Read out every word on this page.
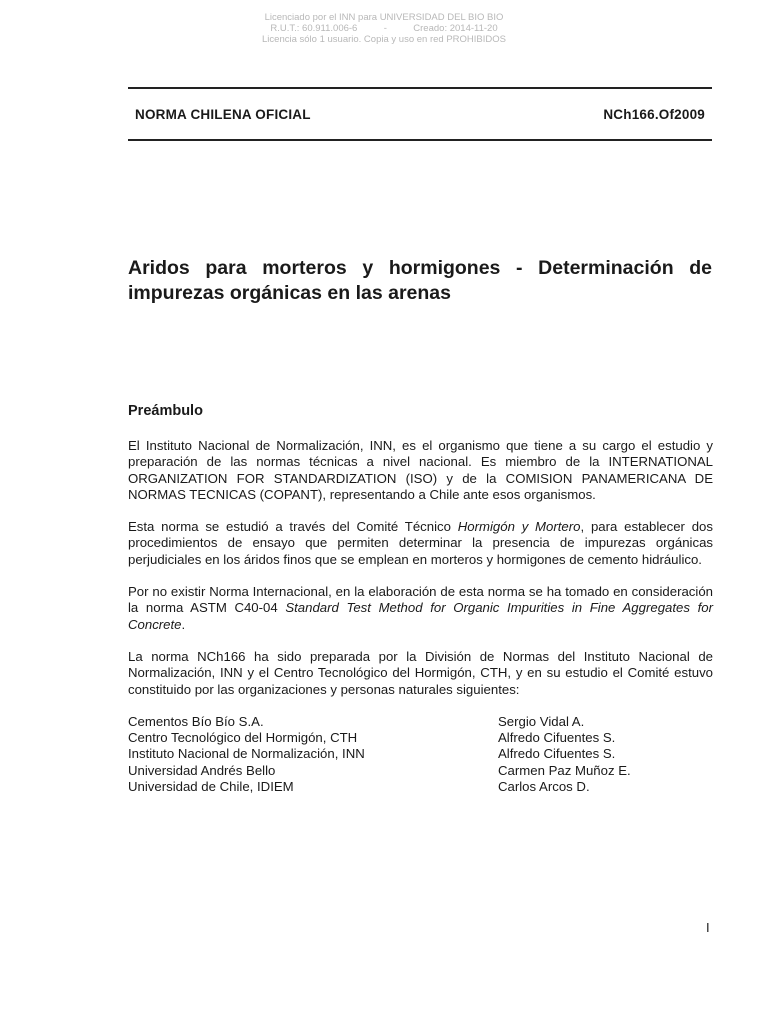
Licenciado por el INN para UNIVERSIDAD DEL BIO BIO
R.U.T.: 60.911.006-6          -          Creado: 2014-11-20
Licencia sólo 1 usuario. Copia y uso en red PROHIBIDOS
NORMA CHILENA OFICIAL	NCh166.Of2009
Aridos para morteros y hormigones - Determinación de impurezas orgánicas en las arenas
Preámbulo

El Instituto Nacional de Normalización, INN, es el organismo que tiene a su cargo el estudio y preparación de las normas técnicas a nivel nacional. Es miembro de la INTERNATIONAL ORGANIZATION FOR STANDARDIZATION (ISO) y de la COMISION PANAMERICANA DE NORMAS TECNICAS (COPANT), representando a Chile ante esos organismos.

Esta norma se estudió a través del Comité Técnico Hormigón y Mortero, para establecer dos procedimientos de ensayo que permiten determinar la presencia de impurezas orgánicas perjudiciales en los áridos finos que se emplean en morteros y hormigones de cemento hidráulico.

Por no existir Norma Internacional, en la elaboración de esta norma se ha tomado en consideración la norma ASTM C40-04 Standard Test Method for Organic Impurities in Fine Aggregates for Concrete.

La norma NCh166 ha sido preparada por la División de Normas del Instituto Nacional de Normalización, INN y el Centro Tecnológico del Hormigón, CTH, y en su estudio el Comité estuvo constituido por las organizaciones y personas naturales siguientes:

Cementos Bío Bío S.A.	Sergio Vidal A.
Centro Tecnológico del Hormigón, CTH	Alfredo Cifuentes S.
Instituto Nacional de Normalización, INN	Alfredo Cifuentes S.
Universidad Andrés Bello	Carmen Paz Muñoz E.
Universidad de Chile, IDIEM	Carlos Arcos D.
I
